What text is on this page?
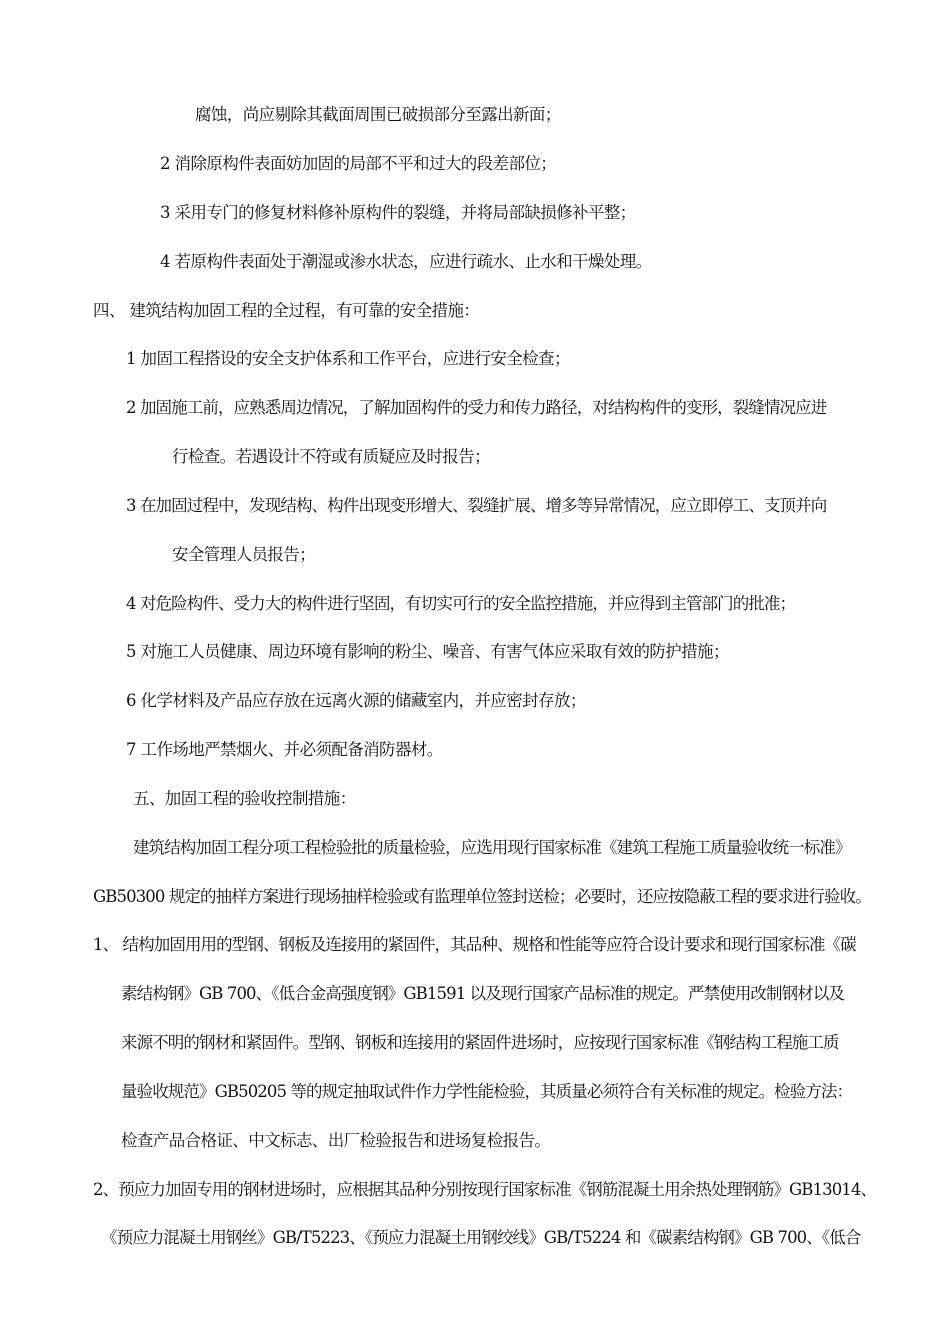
腐蚀，尚应剔除其截面周围已破损部分至露出新面；
2 消除原构件表面妨加固的局部不平和过大的段差部位；
3 采用专门的修复材料修补原构件的裂缝，并将局部缺损修补平整；
4 若原构件表面处于潮湿或渗水状态，应进行疏水、止水和干燥处理。
四、 建筑结构加固工程的全过程，有可靠的安全措施：
1 加固工程搭设的安全支护体系和工作平台，应进行安全检查；
2 加固施工前，应熟悉周边情况，了解加固构件的受力和传力路径，对结构构件的变形，裂缝情况应进
行检查。若遇设计不符或有质疑应及时报告；
3 在加固过程中，发现结构、构件出现变形增大、裂缝扩展、增多等异常情况，应立即停工、支顶并向
安全管理人员报告；
4 对危险构件、受力大的构件进行坚固，有切实可行的安全监控措施，并应得到主管部门的批准；
5 对施工人员健康、周边环境有影响的粉尘、噪音、有害气体应采取有效的防护措施；
6 化学材料及产品应存放在远离火源的储藏室内，并应密封存放；
7 工作场地严禁烟火、并必须配备消防器材。
五、加固工程的验收控制措施：
建筑结构加固工程分项工程检验批的质量检验，应选用现行国家标准《建筑工程施工质量验收统一标准》
GB50300 规定的抽样方案进行现场抽样检验或有监理单位签封送检；必要时，还应按隐蔽工程的要求进行验收。
1、 结构加固用用的型钢、钢板及连接用的紧固件，其品种、规格和性能等应符合设计要求和现行国家标准《碳
素结构钢》GB 700、《低合金高强度钢》GB1591 以及现行国家产品标准的规定。严禁使用改制钢材以及
来源不明的钢材和紧固件。型钢、钢板和连接用的紧固件进场时，应按现行国家标准《钢结构工程施工质
量验收规范》GB50205 等的规定抽取试件作力学性能检验，其质量必须符合有关标准的规定。检验方法：
检查产品合格证、中文标志、出厂检验报告和进场复检报告。
2、预应力加固专用的钢材进场时，应根据其品种分别按现行国家标准《钢筋混凝土用余热处理钢筋》GB13014、
《预应力混凝土用钢丝》GB/T5223、《预应力混凝土用钢绞线》GB/T5224 和《碳素结构钢》GB 700、《低合
